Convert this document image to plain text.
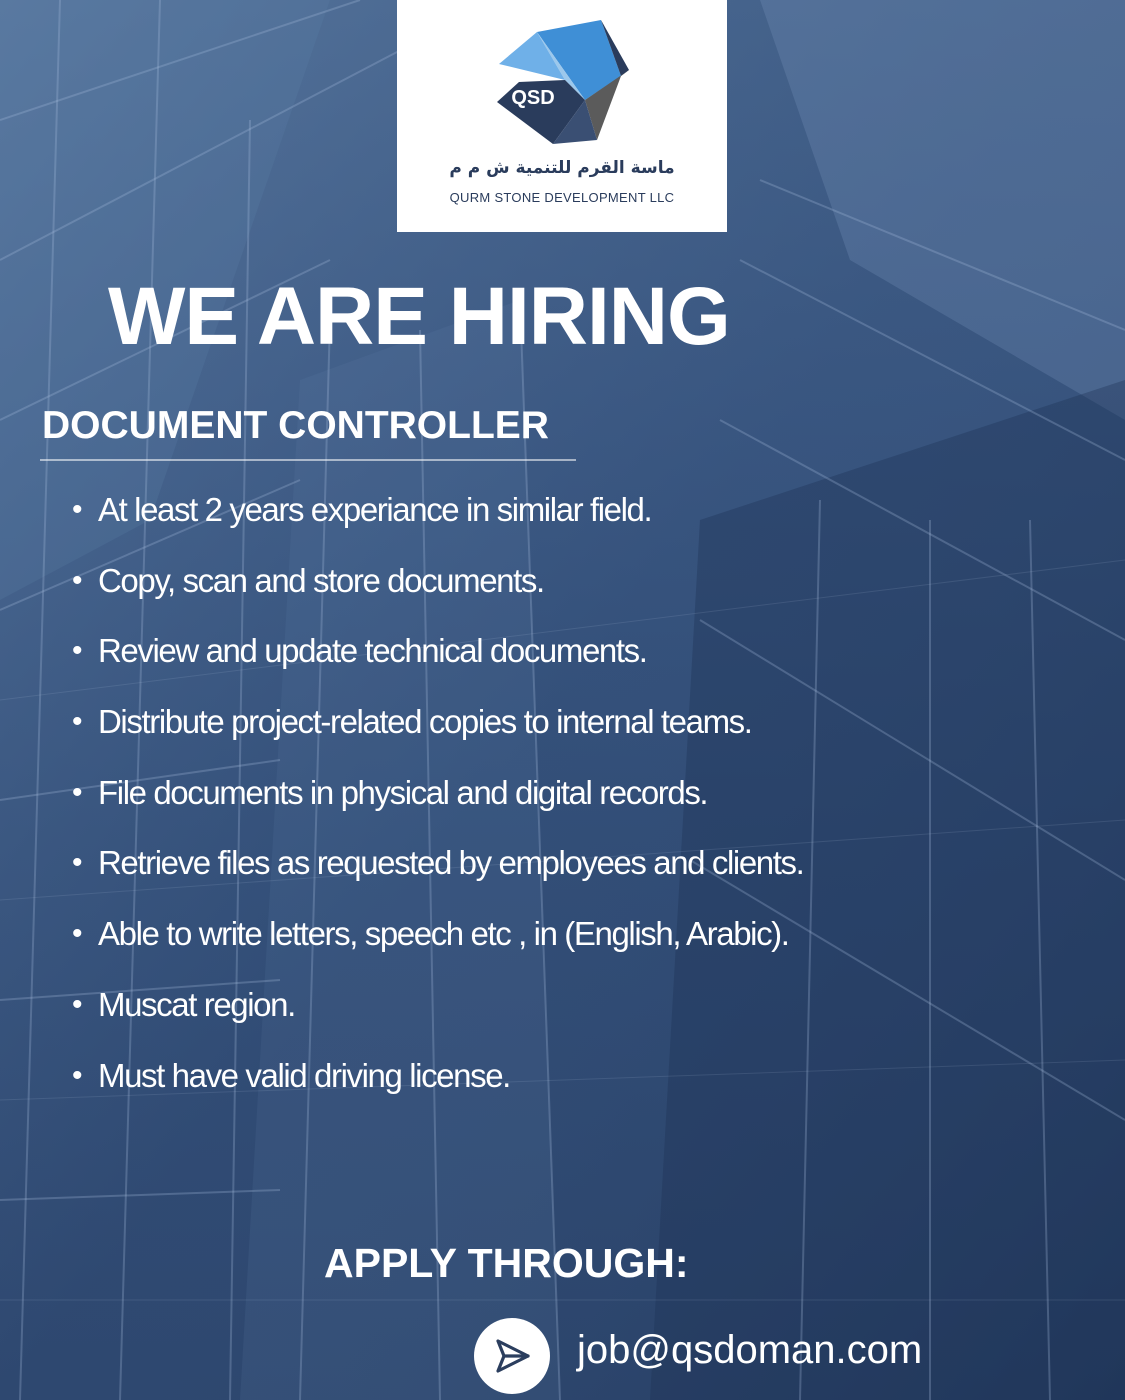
QSD
ماسة القرم للتنمية ش م م
QURM STONE DEVELOPMENT LLC
WE ARE HIRING
DOCUMENT CONTROLLER
• At least 2 years experiance in similar field.
• Copy, scan and store documents.
• Review and update technical documents.
• Distribute project-related copies to internal teams.
• File documents in physical and digital records.
• Retrieve files as requested by employees and clients.
• Able to write letters, speech etc , in (English, Arabic).
• Muscat region.
• Must have valid driving license.
APPLY THROUGH:
job@qsdoman.com
